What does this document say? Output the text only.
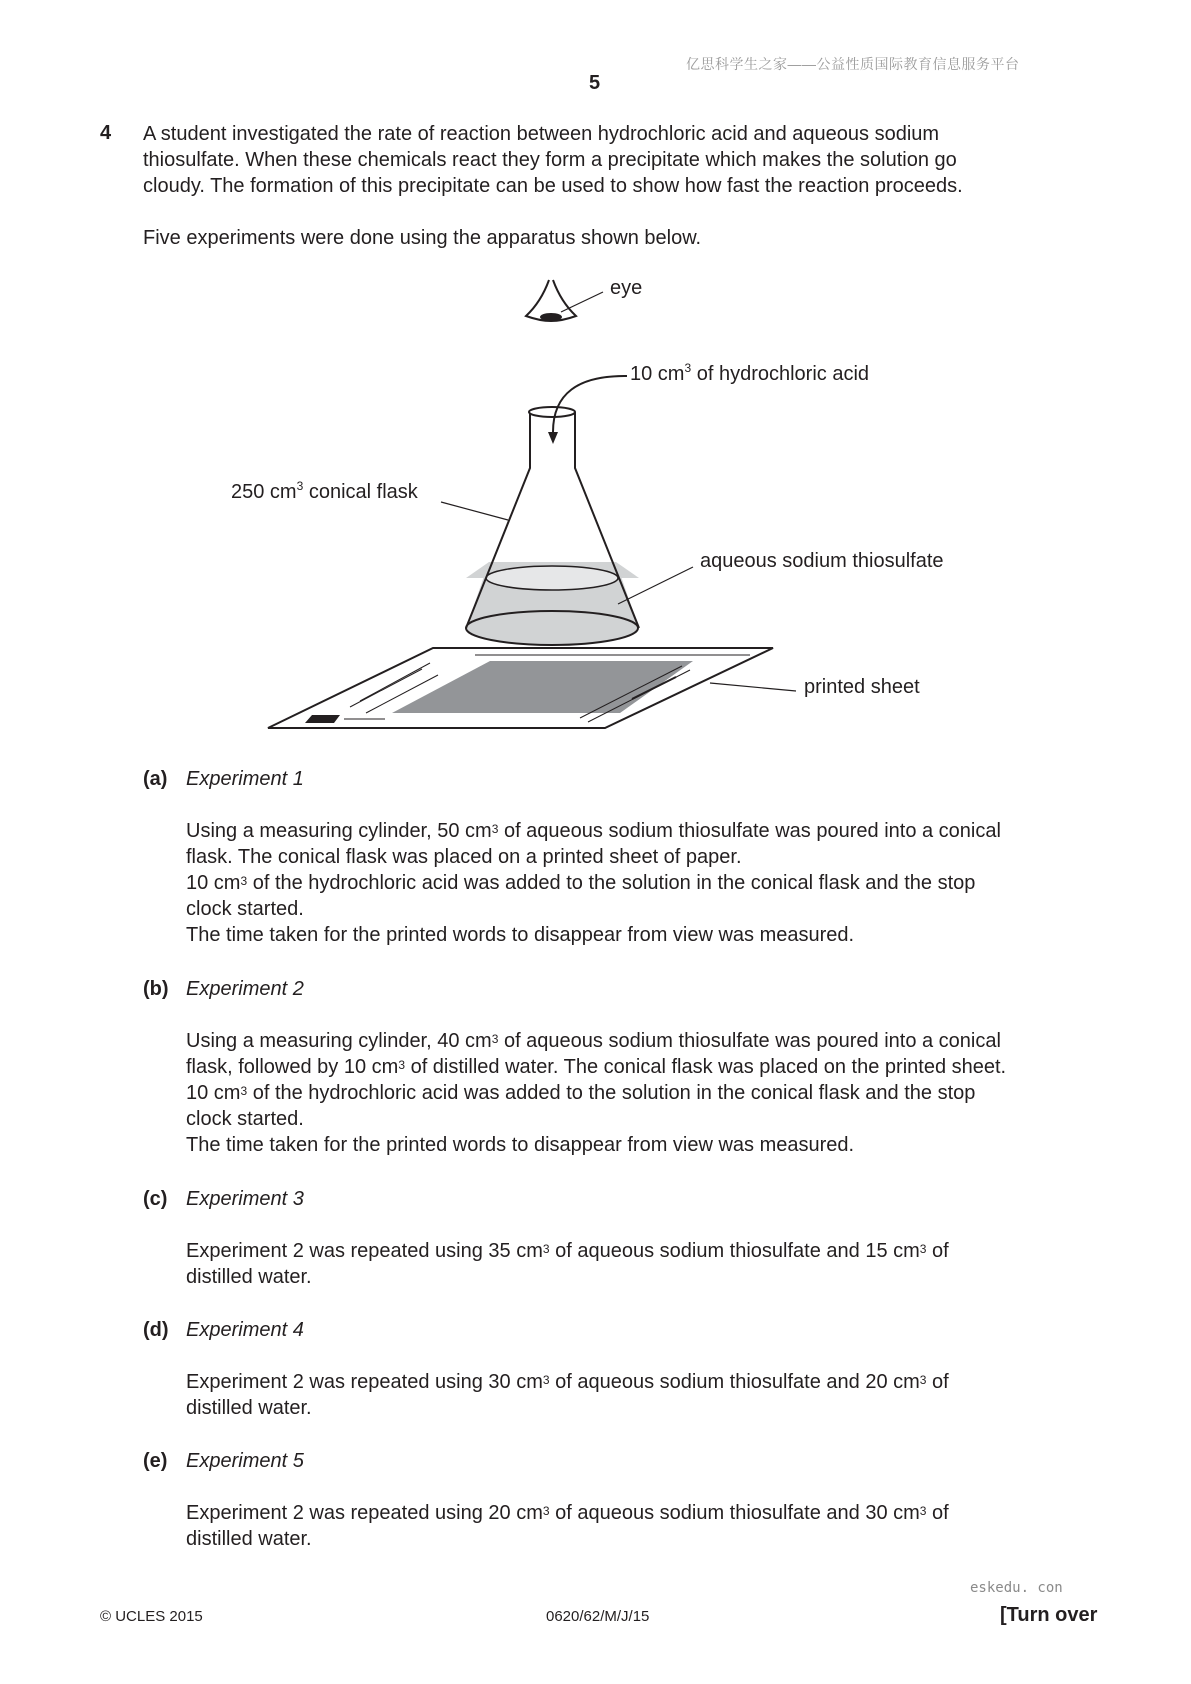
亿思科学生之家——公益性质国际教育信息服务平台
5
4 A student investigated the rate of reaction between hydrochloric acid and aqueous sodium
thiosulfate. When these chemicals react they form a precipitate which makes the solution go
cloudy. The formation of this precipitate can be used to show how fast the reaction proceeds.
Five experiments were done using the apparatus shown below.
eye
10 $cm^3$ of hydrochloric acid
250 $cm^3$ conical flask
aqueous sodium thiosulfate
printed sheet
(a) Experiment 1
Using a measuring cylinder, 50 $cm^3$ of aqueous sodium thiosulfate was poured into a conical
flask. The conical flask was placed on a printed sheet of paper.
10 $cm^3$ of the hydrochloric acid was added to the solution in the conical flask and the stop
clock started.
The time taken for the printed words to disappear from view was measured.
(b) Experiment 2
Using a measuring cylinder, 40 $cm^3$ of aqueous sodium thiosulfate was poured into a conical
flask, followed by 10 $cm^3$ of distilled water. The conical flask was placed on the printed sheet.
10 $cm^3$ of the hydrochloric acid was added to the solution in the conical flask and the stop
clock started.
The time taken for the printed words to disappear from view was measured.
(c) Experiment 3
Experiment 2 was repeated using 35 $cm^3$ of aqueous sodium thiosulfate and 15 $cm^3$ of
distilled water.
(d) Experiment 4
Experiment 2 was repeated using 30 $cm^3$ of aqueous sodium thiosulfate and 20 $cm^3$ of
distilled water.
(e) Experiment 5
Experiment 2 was repeated using 20 $cm^3$ of aqueous sodium thiosulfate and 30 $cm^3$ of
distilled water.
eskedu. con
© UCLES 2015	0620/62/M/J/15	[Turn over
